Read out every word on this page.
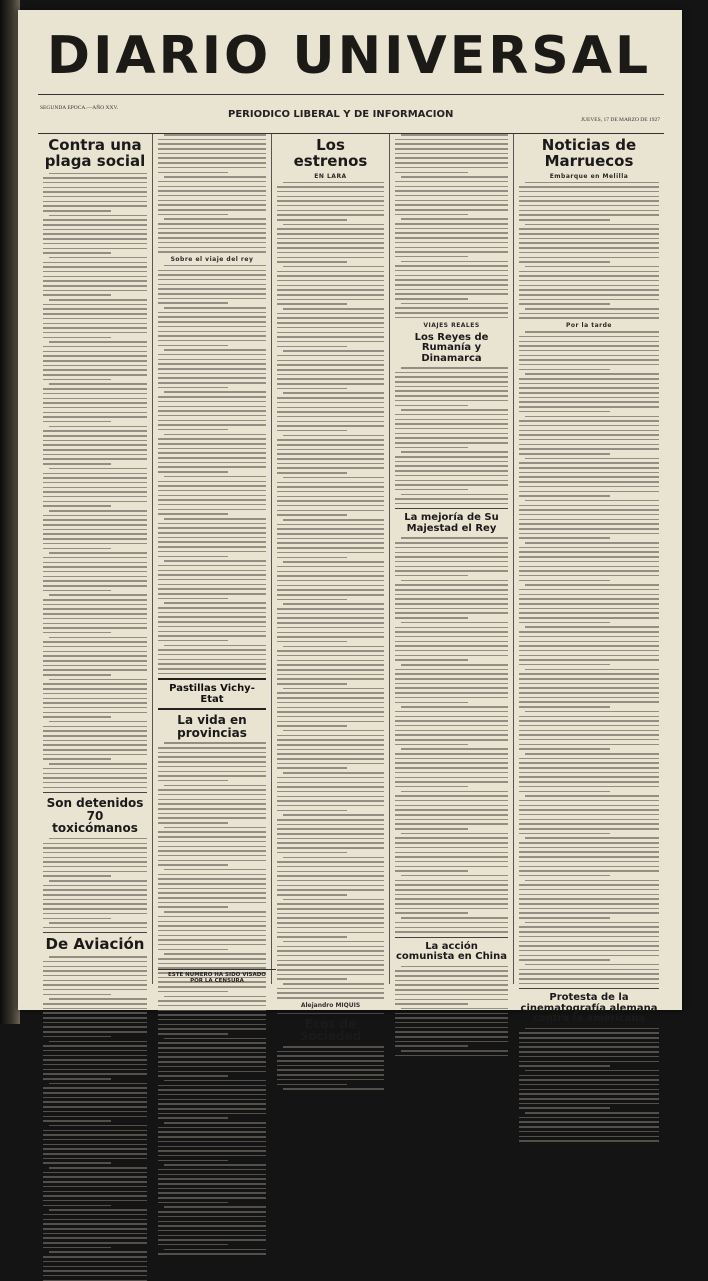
DIARIO UNIVERSAL
SEGUNDA EPOCA.—AÑO XXV.
PERIODICO LIBERAL Y DE INFORMACION	JUEVES, 17 DE MARZO DE 1927
Contra una plaga social
Son detenidos 70 toxicómanos
De Aviación
Sobre el viaje del rey
Pastillas Vichy-Etat
La vida en provincias
ESTE NUMERO HA SIDO VISADO
POR LA CENSURA
Los estrenos
EN LARA
Alejandro MIQUIS
Ecos de Sociedad
VIAJES REALES
Los Reyes de Rumanía y Dinamarca
La mejoría de Su Majestad el Rey
La acción comunista en China
Noticias de Marruecos
Embarque en Melilla
Por la tarde
Protesta de la cinematografía alemana contra la americana
